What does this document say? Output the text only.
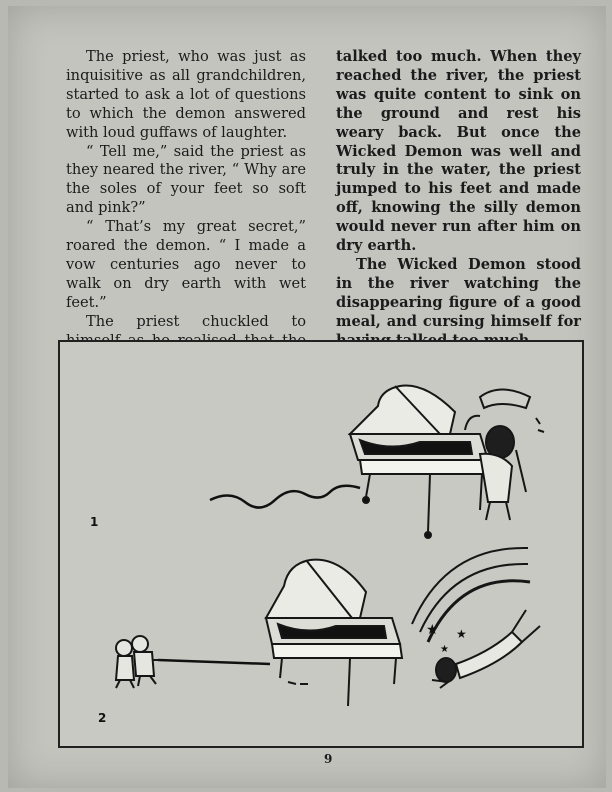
The priest, who was just as inquisitive as all grandchildren, started to ask a lot of questions to which the demon answered with loud guffaws of laughter.

“ Tell me,” said the priest as they neared the river, “ Why are the soles of your feet so soft and pink?”

“ That’s my great secret,” roared the demon. “ I made a vow centuries ago never to walk on dry earth with wet feet.”

The priest chuckled to

talked too much. When they reached the river, the priest was quite content to sink on the ground and rest his weary back. But once the Wicked Demon was well and truly in the water, the priest jumped to his feet and made off, knowing the silly demon would never run after him on dry earth.

The Wicked Demon stood in the river watching the disappearing figure of a good meal, and cursing himself for

1
★ ★
★
2
9
